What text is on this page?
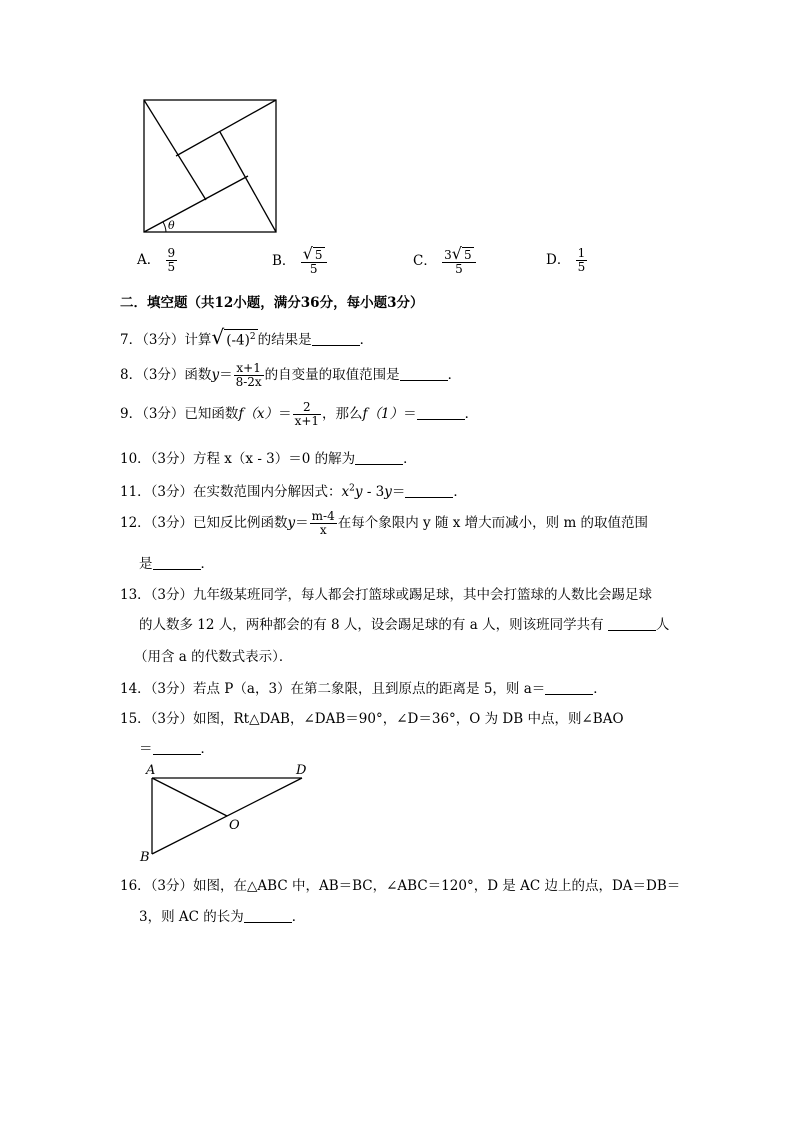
θ
A． $\frac{9}{5}$	B． $\frac{√ 5}{5}$	C． $\frac{3√ 5}{5}$	D． $\frac{1}{5}$
二．填空题（共12小题，满分36分，每小题3分）
7．（3分）计算√ $(-4)^2$ 的结果是	．
8．（3分）函数$y= \frac{x+1}{8-2x}$ 的自变量的取值范围是	．
9．（3分）已知函数$f(x)= \frac{2}{x+1}$ ，那么f（1）＝	．
10．（3分）方程 x（x - 3）＝0 的解为	．
11．（3分）在实数范围内分解因式：$x^2y - 3y=$	．
12．（3分）已知反比例函数$y= \frac{m-4}{x}$ 在每个象限内 y 随 x 增大而减小，则 m 的取值范围
是	．
13．（3分）九年级某班同学，每人都会打篮球或踢足球，其中会打篮球的人数比会踢足球
的人数多 12 人，两种都会的有 8 人，设会踢足球的有 a 人，则该班同学共有	人
（用含 a 的代数式表示）．
14．（3分）若点 P（a，3）在第二象限，且到原点的距离是 5，则 a＝	．
15．（3分）如图，Rt△DAB，∠DAB＝90°，∠D＝36°，O 为 DB 中点，则∠BAO
＝	．
A	D
O
B
16．（3分）如图，在△ABC 中，AB＝BC，∠ABC＝120°，D 是 AC 边上的点，DA＝DB＝
3，则 AC 的长为	．
